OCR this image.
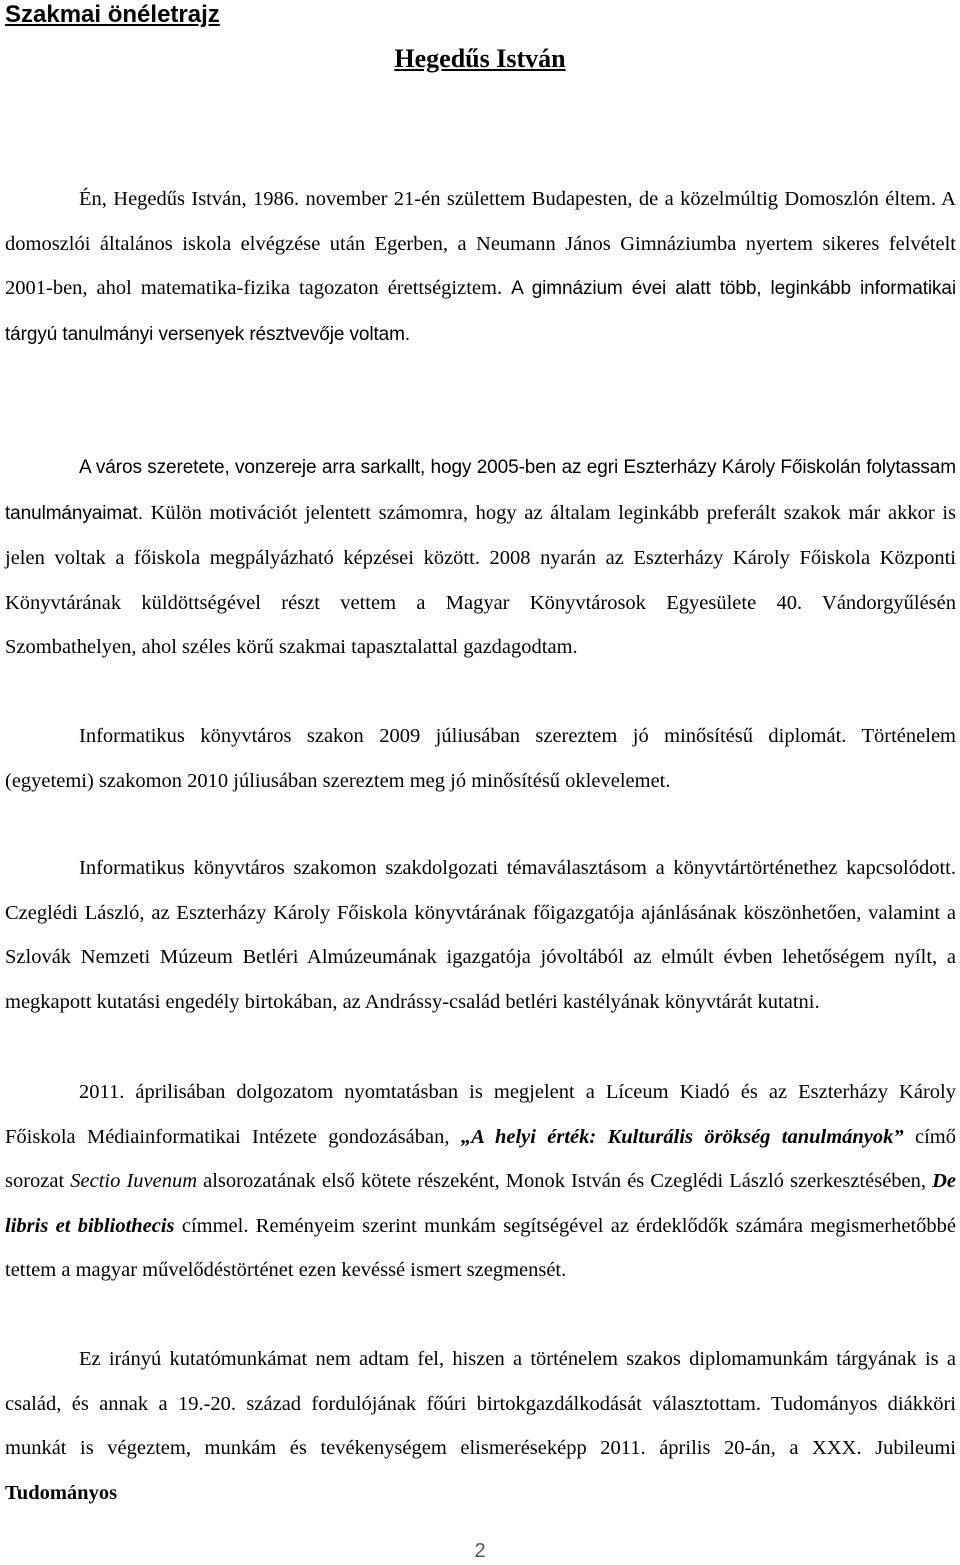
Szakmai önéletrajz
Hegedűs István

Én, Hegedűs István, 1986. november 21-én születtem Budapesten, de a közelmúltig Domoszlón éltem. A domoszlói általános iskola elvégzése után Egerben, a Neumann János Gimnáziumba nyertem sikeres felvételt 2001-ben, ahol matematika-fizika tagozaton érettségiztem. A gimnázium évei alatt több, leginkább informatikai tárgyú tanulmányi versenyek résztvevője voltam.

A város szeretete, vonzereje arra sarkallt, hogy 2005-ben az egri Eszterházy Károly Főiskolán folytassam tanulmányaimat. Külön motivációt jelentett számomra, hogy az általam leginkább preferált szakok már akkor is jelen voltak a főiskola megpályázható képzései között. 2008 nyarán az Eszterházy Károly Főiskola Központi Könyvtárának küldöttségével részt vettem a Magyar Könyvtárosok Egyesülete 40. Vándorgyűlésén Szombathelyen, ahol széles körű szakmai tapasztalattal gazdagodtam.

Informatikus könyvtáros szakon 2009 júliusában szereztem jó minősítésű diplomát. Történelem (egyetemi) szakomon 2010 júliusában szereztem meg jó minősítésű oklevelemet.

Informatikus könyvtáros szakomon szakdolgozati témaválasztásom a könyvtártörténethez kapcsolódott. Czeglédi László, az Eszterházy Károly Főiskola könyvtárának főigazgatója ajánlásának köszönhetően, valamint a Szlovák Nemzeti Múzeum Betléri Almúzeumának igazgatója jóvoltából az elmúlt évben lehetőségem nyílt, a megkapott kutatási engedély birtokában, az Andrássy-család betléri kastélyának könyvtárát kutatni.

2011. áprilisában dolgozatom nyomtatásban is megjelent a Líceum Kiadó és az Eszterházy Károly Főiskola Médiainformatikai Intézete gondozásában, „A helyi érték: Kulturális örökség tanulmányok” címő sorozat Sectio Iuvenum alsorozatának első kötete részeként, Monok István és Czeglédi László szerkesztésében, De libris et bibliothecis címmel. Reményeim szerint munkám segítségével az érdeklődők számára megismerhetőbbé tettem a magyar művelődéstörténet ezen kevéssé ismert szegmensét.

Ez irányú kutatómunkámat nem adtam fel, hiszen a történelem szakos diplomamunkám tárgyának is a család, és annak a 19.-20. század fordulójának főúri birtokgazdálkodását választottam. Tudományos diákköri munkát is végeztem, munkám és tevékenységem elismeréseképp 2011. április 20-án, a XXX. Jubileumi Tudományos

2
